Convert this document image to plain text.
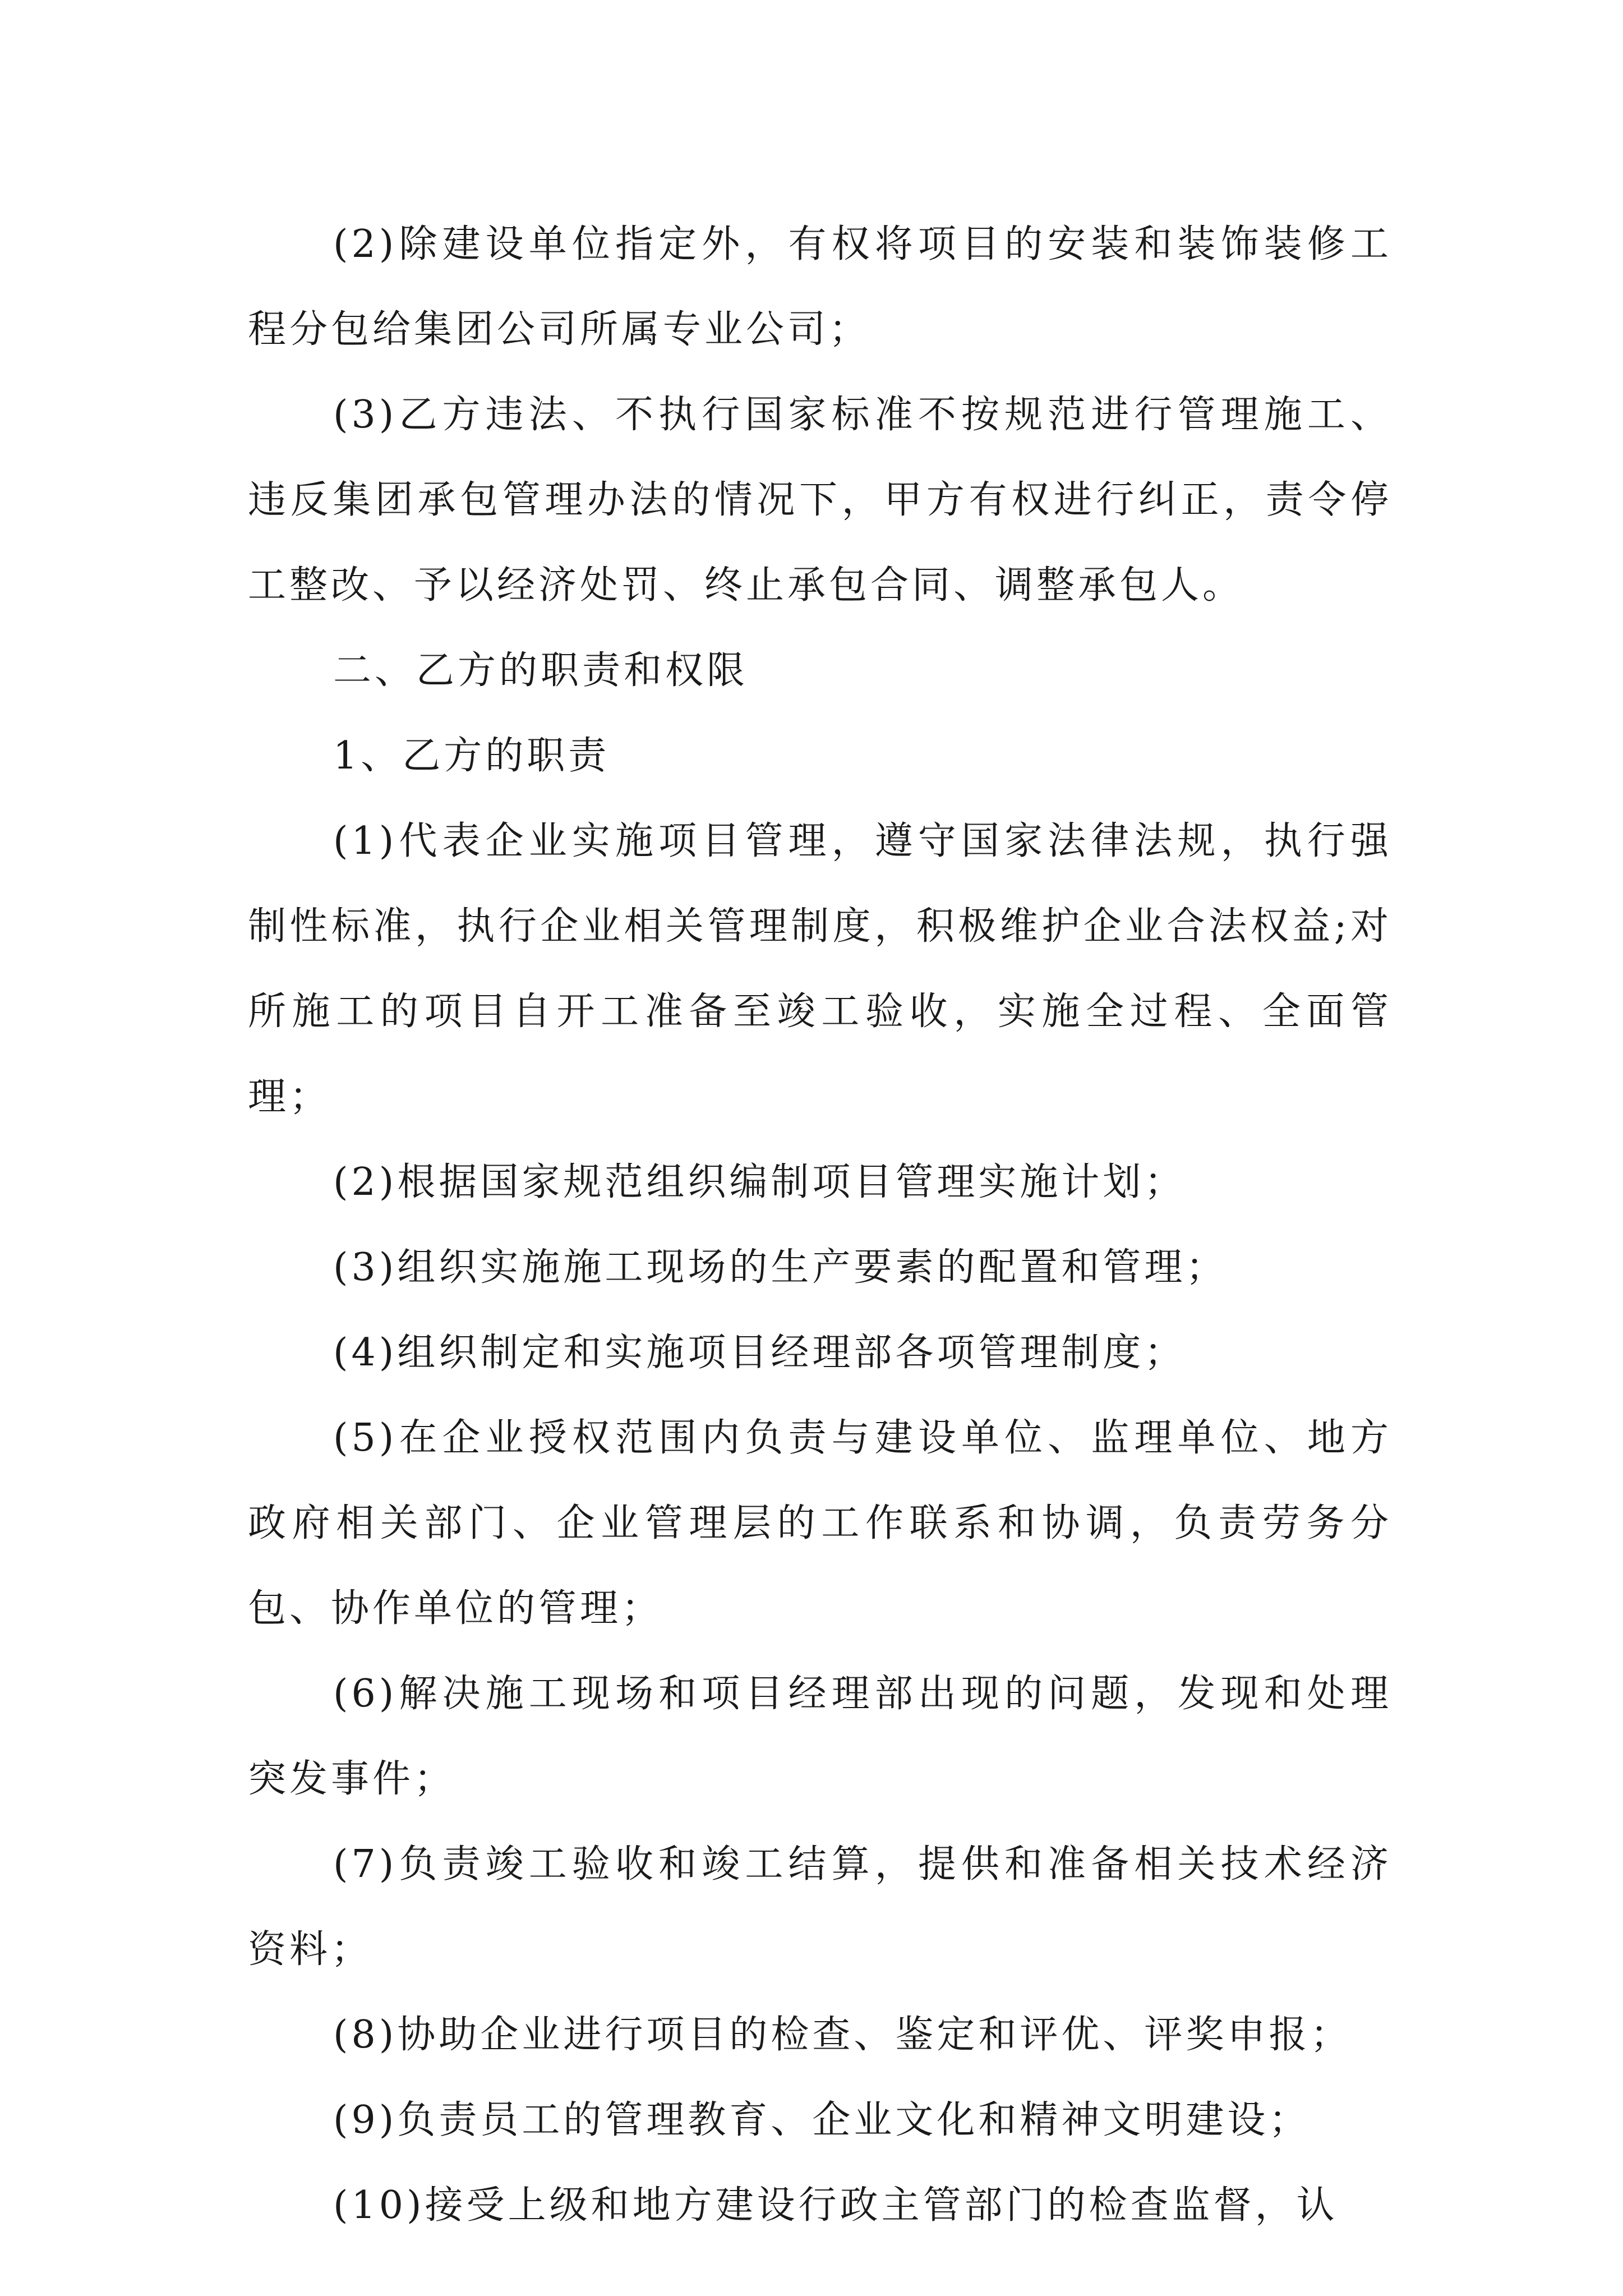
(2)除建设单位指定外，有权将项目的安装和装饰装修工程分包给集团公司所属专业公司；

(3)乙方违法、不执行国家标准不按规范进行管理施工、违反集团承包管理办法的情况下，甲方有权进行纠正，责令停工整改、予以经济处罚、终止承包合同、调整承包人。

二、乙方的职责和权限

1、乙方的职责

(1)代表企业实施项目管理，遵守国家法律法规，执行强制性标准，执行企业相关管理制度，积极维护企业合法权益;对所施工的项目自开工准备至竣工验收，实施全过程、全面管理；

(2)根据国家规范组织编制项目管理实施计划；

(3)组织实施施工现场的生产要素的配置和管理；

(4)组织制定和实施项目经理部各项管理制度；

(5)在企业授权范围内负责与建设单位、监理单位、地方政府相关部门、企业管理层的工作联系和协调，负责劳务分包、协作单位的管理；

(6)解决施工现场和项目经理部出现的问题，发现和处理突发事件；

(7)负责竣工验收和竣工结算，提供和准备相关技术经济资料；

(8)协助企业进行项目的检查、鉴定和评优、评奖申报；

(9)负责员工的管理教育、企业文化和精神文明建设；

(10)接受上级和地方建设行政主管部门的检查监督，认
